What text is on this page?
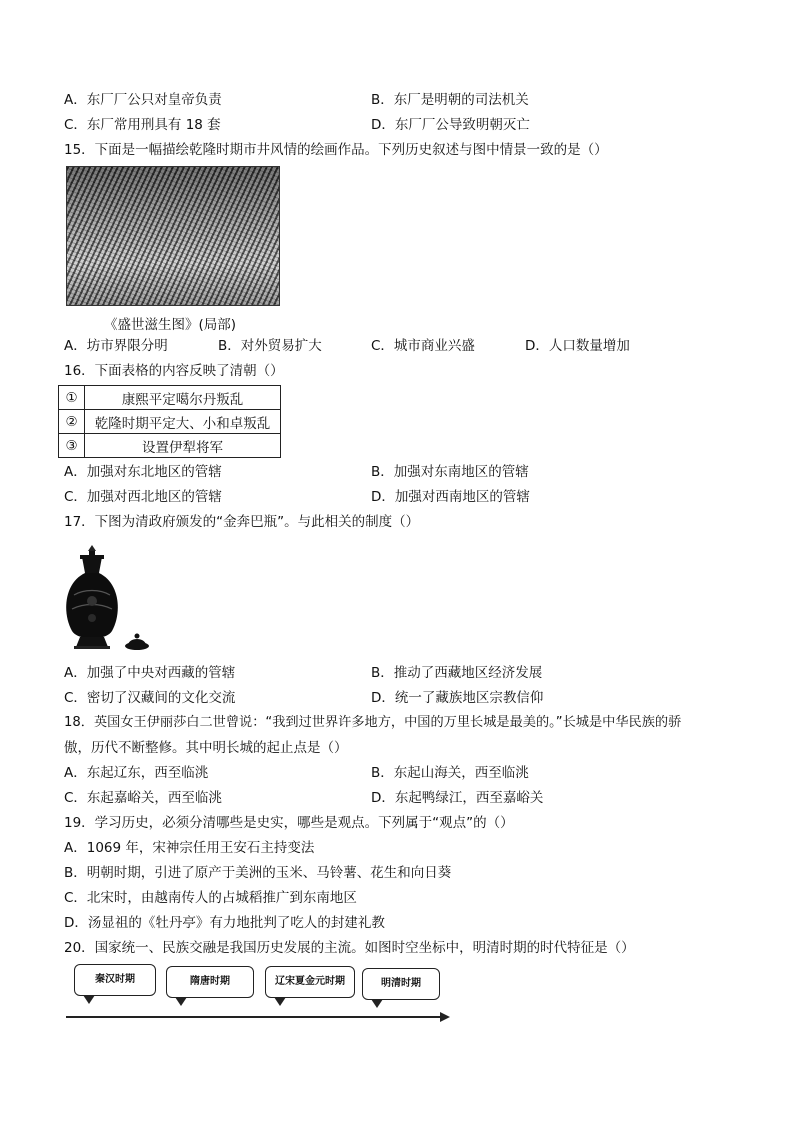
A．东厂厂公只对皇帝负责	B．东厂是明朝的司法机关
C．东厂常用刑具有 18 套	D．东厂厂公导致明朝灭亡
15．下面是一幅描绘乾隆时期市井风情的绘画作品。下列历史叙述与图中情景一致的是（）
《盛世滋生图》(局部)
A．坊市界限分明	B．对外贸易扩大	C．城市商业兴盛	D．人口数量增加
16．下面表格的内容反映了清朝（）
①	康熙平定噶尔丹叛乱
②	乾隆时期平定大、小和卓叛乱
③	设置伊犁将军
A．加强对东北地区的管辖	B．加强对东南地区的管辖
C．加强对西北地区的管辖	D．加强对西南地区的管辖
17．下图为清政府颁发的“金奔巴瓶”。与此相关的制度（）
A．加强了中央对西藏的管辖	B．推动了西藏地区经济发展
C．密切了汉藏间的文化交流	D．统一了藏族地区宗教信仰
18．英国女王伊丽莎白二世曾说：“我到过世界许多地方，中国的万里长城是最美的。”长城是中华民族的骄
傲，历代不断整修。其中明长城的起止点是（）
A．东起辽东，西至临洮	B．东起山海关，西至临洮
C．东起嘉峪关，西至临洮	D．东起鸭绿江，西至嘉峪关
19．学习历史，必须分清哪些是史实，哪些是观点。下列属于“观点”的（）
A．1069 年，宋神宗任用王安石主持变法
B．明朝时期，引进了原产于美洲的玉米、马铃薯、花生和向日葵
C．北宋时，由越南传人的占城稻推广到东南地区
D．汤显祖的《牡丹亭》有力地批判了吃人的封建礼教
20．国家统一、民族交融是我国历史发展的主流。如图时空坐标中，明清时期的时代特征是（）
秦汉时期	隋唐时期	辽宋夏金元时期	明清时期
